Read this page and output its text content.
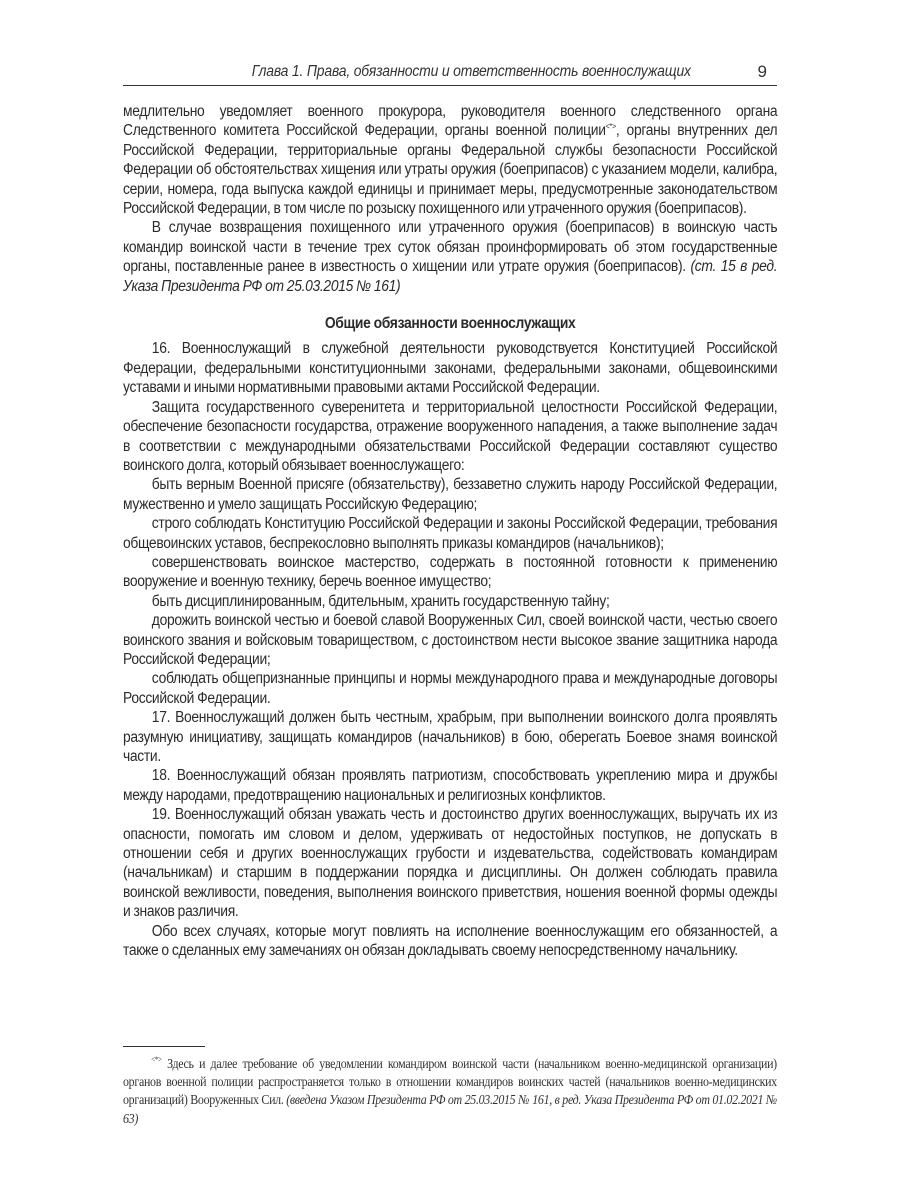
Глава 1. Права, обязанности и ответственность военнослужащих	9

медлительно уведомляет военного прокурора, руководителя военного следственного органа Следственного комитета Российской Федерации, органы военной полиции<*>, органы внутренних дел Российской Федерации, территориальные органы Федеральной службы безопасности Российской Федерации об обстоятельствах хищения или утраты оружия (боеприпасов) с указанием модели, калибра, серии, номера, года выпуска каждой единицы и принимает меры, предусмотренные законодательством Российской Федерации, в том числе по розыску похищенного или утраченного оружия (боеприпасов).

В случае возвращения похищенного или утраченного оружия (боеприпасов) в воинскую часть командир воинской части в течение трех суток обязан проинформировать об этом государственные органы, поставленные ранее в известность о хищении или утрате оружия (боеприпасов). (ст. 15 в ред. Указа Президента РФ от 25.03.2015 № 161)

Общие обязанности военнослужащих

16. Военнослужащий в служебной деятельности руководствуется Конституцией Российской Федерации, федеральными конституционными законами, федеральными законами, общевоинскими уставами и иными нормативными правовыми актами Российской Федерации.

Защита государственного суверенитета и территориальной целостности Российской Федерации, обеспечение безопасности государства, отражение вооруженного нападения, а также выполнение задач в соответствии с международными обязательствами Российской Федерации составляют существо воинского долга, который обязывает военнослужащего:

быть верным Военной присяге (обязательству), беззаветно служить народу Российской Федерации, мужественно и умело защищать Российскую Федерацию;

строго соблюдать Конституцию Российской Федерации и законы Российской Федерации, требования общевоинских уставов, беспрекословно выполнять приказы командиров (начальников);

совершенствовать воинское мастерство, содержать в постоянной готовности к применению вооружение и военную технику, беречь военное имущество;

быть дисциплинированным, бдительным, хранить государственную тайну;

дорожить воинской честью и боевой славой Вооруженных Сил, своей воинской части, честью своего воинского звания и войсковым товариществом, с достоинством нести высокое звание защитника народа Российской Федерации;

соблюдать общепризнанные принципы и нормы международного права и международные договоры Российской Федерации.

17. Военнослужащий должен быть честным, храбрым, при выполнении воинского долга проявлять разумную инициативу, защищать командиров (начальников) в бою, оберегать Боевое знамя воинской части.

18. Военнослужащий обязан проявлять патриотизм, способствовать укреплению мира и дружбы между народами, предотвращению национальных и религиозных конфликтов.

19. Военнослужащий обязан уважать честь и достоинство других военнослужащих, выручать их из опасности, помогать им словом и делом, удерживать от недостойных поступков, не допускать в отношении себя и других военнослужащих грубости и издевательства, содействовать командирам (начальникам) и старшим в поддержании порядка и дисциплины. Он должен соблюдать правила воинской вежливости, поведения, выполнения воинского приветствия, ношения военной формы одежды и знаков различия.

Обо всех случаях, которые могут повлиять на исполнение военнослужащим его обязанностей, а также о сделанных ему замечаниях он обязан докладывать своему непосредственному начальнику.

<*> Здесь и далее требование об уведомлении командиром воинской части (начальником военно-медицинской организации) органов военной полиции распространяется только в отношении командиров воинских частей (начальников военно-медицинских организаций) Вооруженных Сил. (введена Указом Президента РФ от 25.03.2015 № 161, в ред. Указа Президента РФ от 01.02.2021 № 63)
